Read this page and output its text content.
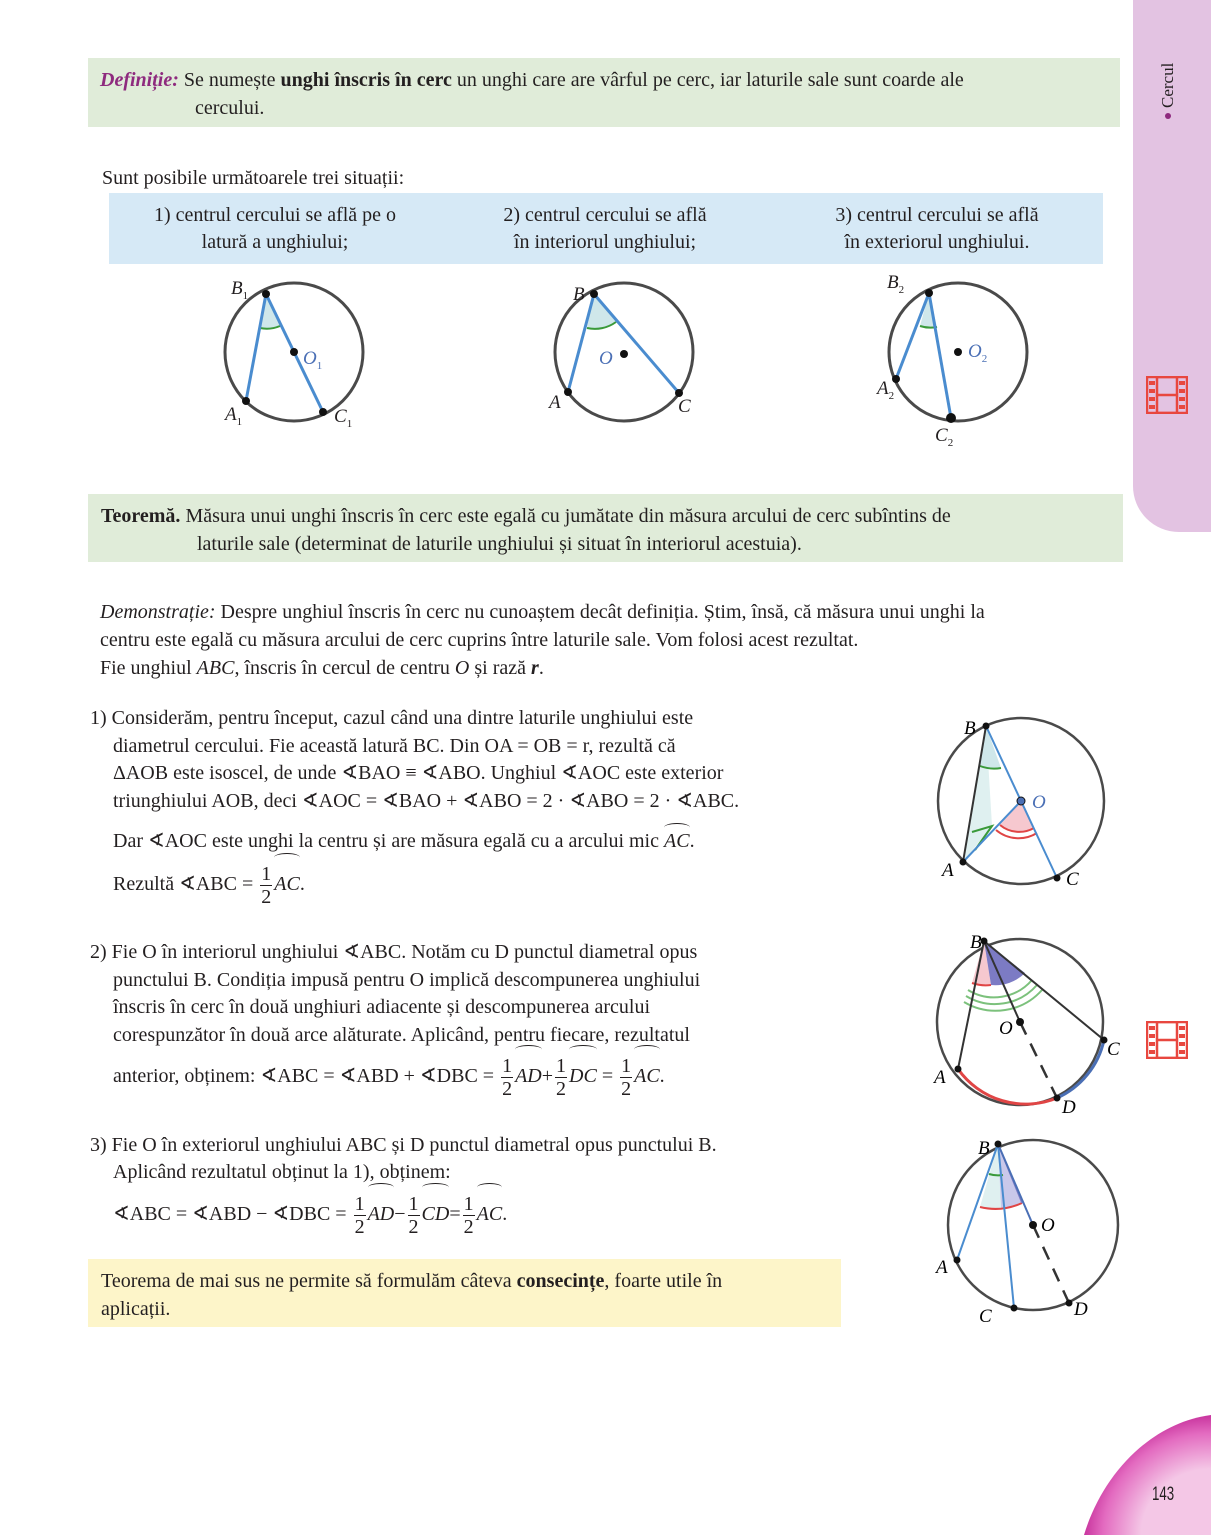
Cercul
Definiție: Se numește unghi înscris în cerc un unghi care are vârful pe cerc, iar laturile sale sunt coarde ale
cercului.
Sunt posibile următoarele trei situații:
1) centrul cercului se află pe o
latură a unghiului;
2) centrul cercului se află
în interiorul unghiului;
3) centrul cercului se află
în exteriorul unghiului.
$B_1$
$O_1$
$A_1$	$C_1$
B
O
A	C
$B_2$
$O_2$
$A_2$
$C_2$
Teoremă. Măsura unui unghi înscris în cerc este egală cu jumătate din măsura arcului de cerc subîntins de
laturile sale (determinat de laturile unghiului și situat în interiorul acestuia).
Demonstrație: Despre unghiul înscris în cerc nu cunoaștem decât definiția. Știm, însă, că măsura unui unghi la
centru este egală cu măsura arcului de cerc cuprins între laturile sale. Vom folosi acest rezultat.
Fie unghiul ABC, înscris în cercul de centru O și rază r.
1) Considerăm, pentru început, cazul când una dintre laturile unghiului este
diametrul cercului. Fie această latură BC. Din OA = OB = r, rezultă că
ΔAOB este isoscel, de unde ∢BAO ≡ ∢ABO. Unghiul ∢AOC este exterior
triunghiului AOB, deci ∢AOC = ∢BAO + ∢ABO = 2 · ∢ABO = 2 · ∢ABC.
Dar ∢AOC este unghi la centru și are măsura egală cu a arcului mic AC.
Rezultă ∢ABC = $\frac{1}{2}$ AC.
B
O
A	C
2) Fie O în interiorul unghiului ∢ABC. Notăm cu D punctul diametral opus
punctului B. Condiția impusă pentru O implică descompunerea unghiului
înscris în cerc în două unghiuri adiacente și descompunerea arcului
corespunzător în două arce alăturate. Aplicând, pentru fiecare, rezultatul
anterior, obținem: ∢ABC = ∢ABD + ∢DBC = $\frac{1}{2} AD+ \frac{1}{2}$ DC = $\frac{1}{2}$ AC.
B
O
A
C
D
3) Fie O în exteriorul unghiului ABC și D punctul diametral opus punctului B.
Aplicând rezultatul obținut la 1), obținem:
∢ABC = ∢ABD − ∢DBC = $\frac{1}{2} AD- \frac{1}{2} CD= \frac{1}{2}$ AC.
B
O
A
C	D
Teorema de mai sus ne permite să formulăm câteva consecințe, foarte utile în
aplicații.
143
